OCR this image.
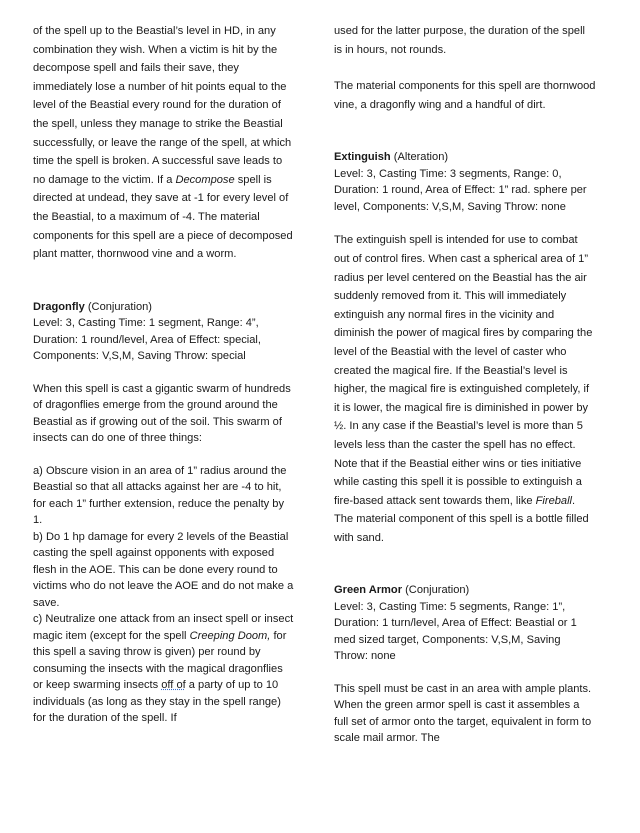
of the spell up to the Beastial’s level in HD, in any combination they wish. When a victim is hit by the decompose spell and fails their save, they immediately lose a number of hit points equal to the level of the Beastial every round for the duration of the spell, unless they manage to strike the Beastial successfully, or leave the range of the spell, at which time the spell is broken. A successful save leads to no damage to the victim. If a Decompose spell is directed at undead, they save at -1 for every level of the Beastial, to a maximum of -4. The material components for this spell are a piece of decomposed plant matter, thornwood vine and a worm.

Dragonfly (Conjuration)

Level: 3, Casting Time: 1 segment, Range: 4”, Duration: 1 round/level, Area of Effect: special, Components: V,S,M, Saving Throw: special

When this spell is cast a gigantic swarm of hundreds of dragonflies emerge from the ground around the Beastial as if growing out of the soil. This swarm of insects can do one of three things:

a) Obscure vision in an area of 1” radius around the Beastial so that all attacks against her are -4 to hit, for each 1” further extension, reduce the penalty by 1.

b) Do 1 hp damage for every 2 levels of the Beastial casting the spell against opponents with exposed flesh in the AOE. This can be done every round to victims who do not leave the AOE and do not make a save.

c) Neutralize one attack from an insect spell or insect magic item (except for the spell Creeping Doom, for this spell a saving throw is given) per round by consuming the insects with the magical dragonflies or keep swarming insects off of a party of up to 10 individuals (as long as they stay in the spell range) for the duration of the spell. If

used for the latter purpose, the duration of the spell is in hours, not rounds.

The material components for this spell are thornwood vine, a dragonfly wing and a handful of dirt.

Extinguish (Alteration)

Level: 3, Casting Time: 3 segments, Range: 0, Duration: 1 round, Area of Effect: 1” rad. sphere per level, Components: V,S,M, Saving Throw: none

The extinguish spell is intended for use to combat out of control fires. When cast a spherical area of 1” radius per level centered on the Beastial has the air suddenly removed from it. This will immediately extinguish any normal fires in the vicinity and diminish the power of magical fires by comparing the level of the Beastial with the level of caster who created the magical fire. If the Beastial’s level is higher, the magical fire is extinguished completely, if it is lower, the magical fire is diminished in power by ½. In any case if the Beastial’s level is more than 5 levels less than the caster the spell has no effect. Note that if the Beastial either wins or ties initiative while casting this spell it is possible to extinguish a fire-based attack sent towards them, like Fireball. The material component of this spell is a bottle filled with sand.

Green Armor (Conjuration)

Level: 3, Casting Time: 5 segments, Range: 1”, Duration: 1 turn/level, Area of Effect: Beastial or 1 med sized target, Components: V,S,M, Saving Throw: none

This spell must be cast in an area with ample plants. When the green armor spell is cast it assembles a full set of armor onto the target, equivalent in form to scale mail armor. The
